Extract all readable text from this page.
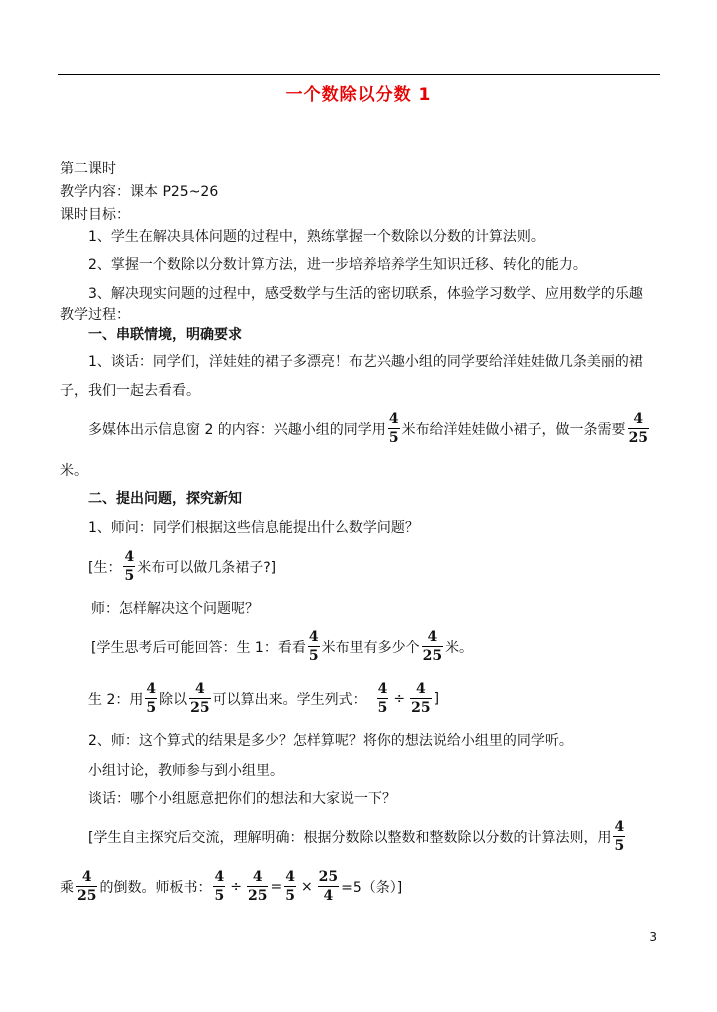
一个数除以分数 1
第二课时
教学内容：课本 P25~26
课时目标：
1、学生在解决具体问题的过程中，熟练掌握一个数除以分数的计算法则。
2、掌握一个数除以分数计算方法，进一步培养培养学生知识迁移、转化的能力。
3、解决现实问题的过程中，感受数学与生活的密切联系，体验学习数学、应用数学的乐趣
教学过程：
一、串联情境，明确要求
1、谈话：同学们，洋娃娃的裙子多漂亮！布艺兴趣小组的同学要给洋娃娃做几条美丽的裙
子，我们一起去看看。
多媒体出示信息窗 2 的内容：兴趣小组的同学用 $\frac{4}{5}$ 米布给洋娃娃做小裙子，做一条需要 $\frac{4}{25}$
米。
二、提出问题，探究新知
1、师问：同学们根据这些信息能提出什么数学问题？
[生： $\frac{4}{5}$ 米布可以做几条裙子?]
师：怎样解决这个问题呢？
[学生思考后可能回答：生 1：看看 $\frac{4}{5}$ 米布里有多少个 $\frac{4}{25}$ 米。
生 2：用 $\frac{4}{5}$ 除以 $\frac{4}{25}$ 可以算出来。学生列式： $\frac{4}{5} \div \frac{4}{25}$ ]
2、师：这个算式的结果是多少？怎样算呢？将你的想法说给小组里的同学听。
小组讨论，教师参与到小组里。
谈话：哪个小组愿意把你们的想法和大家说一下？
[学生自主探究后交流，理解明确：根据分数除以整数和整数除以分数的计算法则，用 $\frac{4}{5}$
乘 $\frac{4}{25}$ 的倒数。师板书： $\frac{4}{5} \div \frac{4}{25} = \frac{4}{5} \times \frac{25}{4} =5$（条）]
3
